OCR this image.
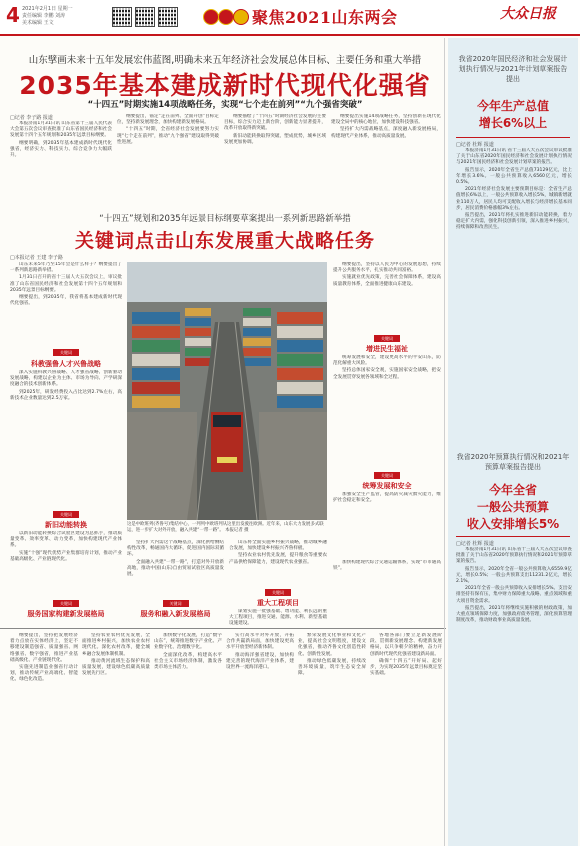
4 2021年2月1日 星期一
责任编辑 李鹏 刘涛
美术编辑 王文	聚焦2021山东两会	大众日报
山东擘画未来十五年发展宏伟蓝图,明确未来五年经济社会发展总体目标、主要任务和重大举措
2035年基本建成新时代现代化强省
“十四五”时期实施14项战略任务，实现“七个走在前列”“九个强省突破”
□记者 李子路 报道

本报济南1月31日讯 山东省第十三届人民代表大会第五次会议审查批准了山东省国民经济和社会发展第十四个五年规划和2035年远景目标纲要。

纲要明确，到2035年基本建成新时代现代化强省，经济实力、科技实力、综合竞争力大幅跃升。

纲要提出，锚定“走在前列、全面开创”目标定位，坚持新发展理念，加快构建新发展格局。

“十四五”时期，全省经济社会发展要努力实现“七个走在前列”，推动“九个强省”建设取得突破性进展。

纲要描绘了“十四五”时期经济社会发展的主要目标，综合实力迈上新台阶，创新能力显著提升，改革开放取得新突破。

新旧动能转换取得突破、塑成优势，城乡区域发展更加协调。

纲要提出实施14项战略任务，坚持创新在现代化建设全局中的核心地位，加快建设科技强省。

坚持扩大内需战略基点，深度融入新发展格局，构建现代产业体系，推动高质量发展。

“十四五”规划和2035年远景目标纲要草案提出一系列新思路新举措
关键词点击山东发展重大战略任务
□本报记者 王建 李子路

山东未来5年乃至15年会是什么样子？纲要提出了一系列新思路新举措。

1月31日召开的省十三届人大五次会议上，审议批准了山东省国民经济和社会发展第十四个五年规划和2035年远景目标纲要。

纲要提出，到2035年，我省将基本建成新时代现代化强省。

关键词
科教强鲁人才兴鲁战略

深入实施科教兴鲁战略、人才强省战略、创新驱动发展战略，构建以企业为主体、市场为导向、产学研深度融合的技术创新体系。

到2025年，研发经费投入占比达到2.7%左右，高新技术企业数量达到2.5万家。

关键词
新旧动能转换

以新旧动能转换综合试验区建设为总抓手，推动质量变革、效率变革、动力变革，加快构建现代产业体系。

实施“十强”现代优势产业集群培育计划，推动产业基础高级化、产业链现代化。

关键词
服务国家构建新发展格局
这是中欧班列(齐鲁号)集结中心，一列列中欧班列从这里出发驶往欧洲。近年来，山东大力发展多式联运，进一步扩大对外开放，融入共建“一带一路”。 本报记者 摄

坚持扩大内需这个战略基点，深化供给侧结构性改革，畅通国内大循环，促进国内国际双循环。

全面融入共建“一带一路”，打造对外开放新高地，推动中国(山东)自由贸易试验区高质量发展。

关键词
服务和融入新发展格局

山东将全面实施乡村振兴战略，推动城乡融合发展，加快建设乡村振兴齐鲁样板。

坚持农业农村优先发展，提升粮食等重要农产品供给保障能力，建设现代农业强省。

关键词
重大工程项目

谋划实施一批强基础、增功能、利长远的重大工程项目，推进交通、能源、水利、新型基础设施建设。

纲要提出，坚持以人民为中心的发展思想，持续提升公共服务水平，扎实推动共同富裕。

实施就业优先政策，完善社会保障体系，建设高质量教育体系，全面推进健康山东建设。

关键词
增进民生福祉

统筹发展和安全，建设更高水平的平安山东，防范化解重大风险。

坚持总体国家安全观，实施国家安全战略，把安全发展贯穿发展各领域和全过程。

关键词
统筹发展和安全

加强安全生产监管，提高防灾减灾救灾能力，维护社会稳定和安全。

加快构建现代综合交通运输体系，实现“市市通高铁”。

纲要提出，坚持把发展经济着力点放在实体经济上，坚定不移建设制造强省、质量强省、网络强省、数字强省，推进产业基础高级化、产业链现代化。

实施先进制造业强省行动计划，推动传统产业高端化、智能化、绿色化改造。

坚持农业农村优先发展，全面推进乡村振兴，加快农业农村现代化。深化农村改革，健全城乡融合发展体制机制。

推动黄河流域生态保护和高质量发展，建设绿色低碳高质量发展先行区。

加快数字化发展，打造“数字山东”，统筹推进数字产业化、产业数字化、治理数字化。

全面深化改革，构建高水平社会主义市场经济体制，激发各类市场主体活力。

实行高水平对外开放，开拓合作共赢新局面，加快建设更高水平开放型经济新体制。

推动海洋强省建设，加快构建完善的现代海洋产业体系，建设世界一流海洋港口。

繁荣发展文化事业和文化产业，提高社会文明程度，建设文化强省，推动齐鲁文化创造性转化、创新性发展。

推动绿色低碳发展，持续改善环境质量，筑牢生态安全屏障。

各地各部门要立足新发展阶段、贯彻新发展理念、构建新发展格局，以只争朝夕的精神，奋力开创新时代现代化强省建设新局面。

确保“十四五”开好局、起好步，为实现2035年远景目标奠定坚实基础。

我省2020年国民经济和社会发展计划执行情况与2021年计划草案报告提出
今年生产总值
增长6%以上
□记者 杜辉 报道

本报济南1月31日讯 省十三届人大五次会议审议批准了关于山东省2020年国民经济和社会发展计划执行情况与2021年国民经济和社会发展计划草案的报告。

报告显示，2020年全省生产总值73129亿元，比上年增长3.6%。一般公共预算收入6560亿元，增长0.5%。

2021年经济社会发展主要预期目标是：全省生产总值增长6%以上，一般公共预算收入增长5%，城镇新增就业110万人，居民人均可支配收入增长与经济增长基本同步，居民消费价格涨幅3%左右。

报告提出，2021年将扎实推进新旧动能转换，着力稳定扩大内需，强化科技创新引领，深入推进乡村振兴，持续保障和改善民生。

我省2020年预算执行情况和2021年预算草案报告提出
今年全省
一般公共预算
收入安排增长5%
□记者 杜辉 报道

本报济南1月31日讯 山东省十三届人大五次会议审查批准了关于山东省2020年预算执行情况和2021年预算草案的报告。

报告显示，2020年全省一般公共预算收入6559.9亿元，增长0.5%；一般公共预算支出11231.2亿元，增长2.1%。

2021年全省一般公共预算收入安排增长5%。支出安排坚持有保有压，集中财力保障重大战略、重点领域和重大项目资金需求。

报告提出，2021年将继续实施积极的财政政策，加大重点领域保障力度，加强政府债务管理，深化预算管理制度改革，推动财政事业高质量发展。
